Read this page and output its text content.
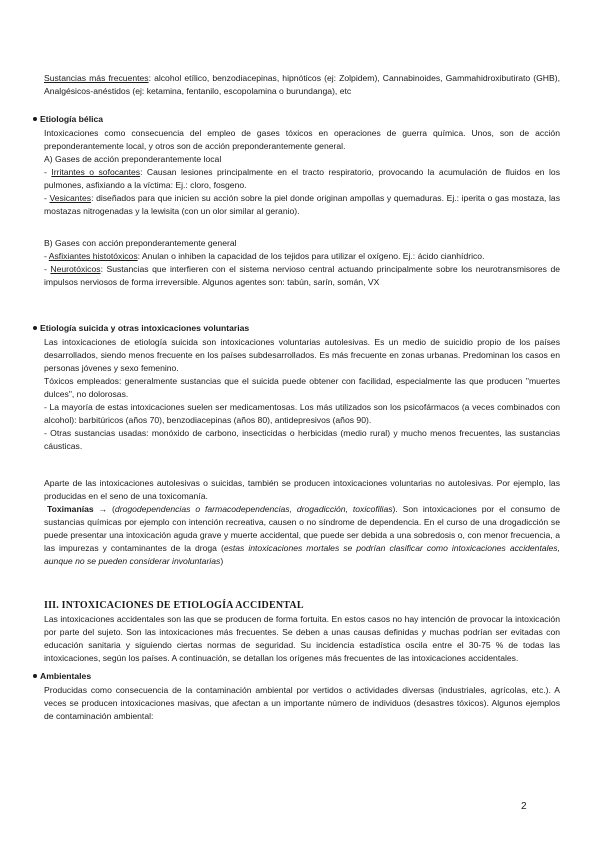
Sustancias más frecuentes: alcohol etílico, benzodiacepinas, hipnóticos (ej: Zolpidem), Cannabinoides, Gammahidroxibutirato (GHB), Analgésicos-anéstidos (ej: ketamina, fentanilo, escopolamina o burundanga), etc

Etiología bélica

Intoxicaciones como consecuencia del empleo de gases tóxicos en operaciones de guerra química. Unos, son de acción preponderantemente local, y otros son de acción preponderantemente general.

A) Gases de acción preponderantemente local

- Irritantes o sofocantes: Causan lesiones principalmente en el tracto respiratorio, provocando la acumulación de fluidos en los pulmones, asfixiando a la víctima: Ej.: cloro, fosgeno.

- Vesicantes: diseñados para que inicien su acción sobre la piel donde originan ampollas y quemaduras. Ej.: iperita o gas mostaza, las mostazas nitrogenadas y la lewisita (con un olor similar al geranio).

B) Gases con acción preponderantemente general

- Asfixiantes histotóxicos: Anulan o inhiben la capacidad de los tejidos para utilizar el oxígeno. Ej.: ácido cianhídrico.

- Neurotóxicos: Sustancias que interfieren con el sistema nervioso central actuando principalmente sobre los neurotransmisores de impulsos nerviosos de forma irreversible. Algunos agentes son: tabún, sarín, somán, VX

Etiología suicida y otras intoxicaciones voluntarias

Las intoxicaciones de etiología suicida son intoxicaciones voluntarias autolesivas. Es un medio de suicidio propio de los países desarrollados, siendo menos frecuente en los países subdesarrollados. Es más frecuente en zonas urbanas. Predominan los casos en personas jóvenes y sexo femenino.

Tóxicos empleados: generalmente sustancias que el suicida puede obtener con facilidad, especialmente las que producen "muertes dulces", no dolorosas.

- La mayoría de estas intoxicaciones suelen ser medicamentosas. Los más utilizados son los psicofármacos (a veces combinados con alcohol): barbitúricos (años 70), benzodiacepinas (años 80), antidepresivos (años 90).

- Otras sustancias usadas: monóxido de carbono, insecticidas o herbicidas (medio rural) y mucho menos frecuentes, las sustancias cáusticas.

Aparte de las intoxicaciones autolesivas o suicidas, también se producen intoxicaciones voluntarias no autolesivas. Por ejemplo, las producidas en el seno de una toxicomanía.

Toximanías → (drogodependencias o farmacodependencias, drogadicción, toxicofilias). Son intoxicaciones por el consumo de sustancias químicas por ejemplo con intención recreativa, causen o no síndrome de dependencia. En el curso de una drogadicción se puede presentar una intoxicación aguda grave y muerte accidental, que puede ser debida a una sobredosis o, con menor frecuencia, a las impurezas y contaminantes de la droga (estas intoxicaciones mortales se podrían clasificar como intoxicaciones accidentales, aunque no se pueden considerar involuntarias)

III. INTOXICACIONES DE ETIOLOGÍA ACCIDENTAL

Las intoxicaciones accidentales son las que se producen de forma fortuita. En estos casos no hay intención de provocar la intoxicación por parte del sujeto. Son las intoxicaciones más frecuentes. Se deben a unas causas definidas y muchas podrían ser evitadas con educación sanitaria y siguiendo ciertas normas de seguridad. Su incidencia estadística oscila entre el 30-75 % de todas las intoxicaciones, según los países. A continuación, se detallan los orígenes más frecuentes de las intoxicaciones accidentales.

Ambientales

Producidas como consecuencia de la contaminación ambiental por vertidos o actividades diversas (industriales, agrícolas, etc.). A veces se producen intoxicaciones masivas, que afectan a un importante número de individuos (desastres tóxicos). Algunos ejemplos de contaminación ambiental:

2
